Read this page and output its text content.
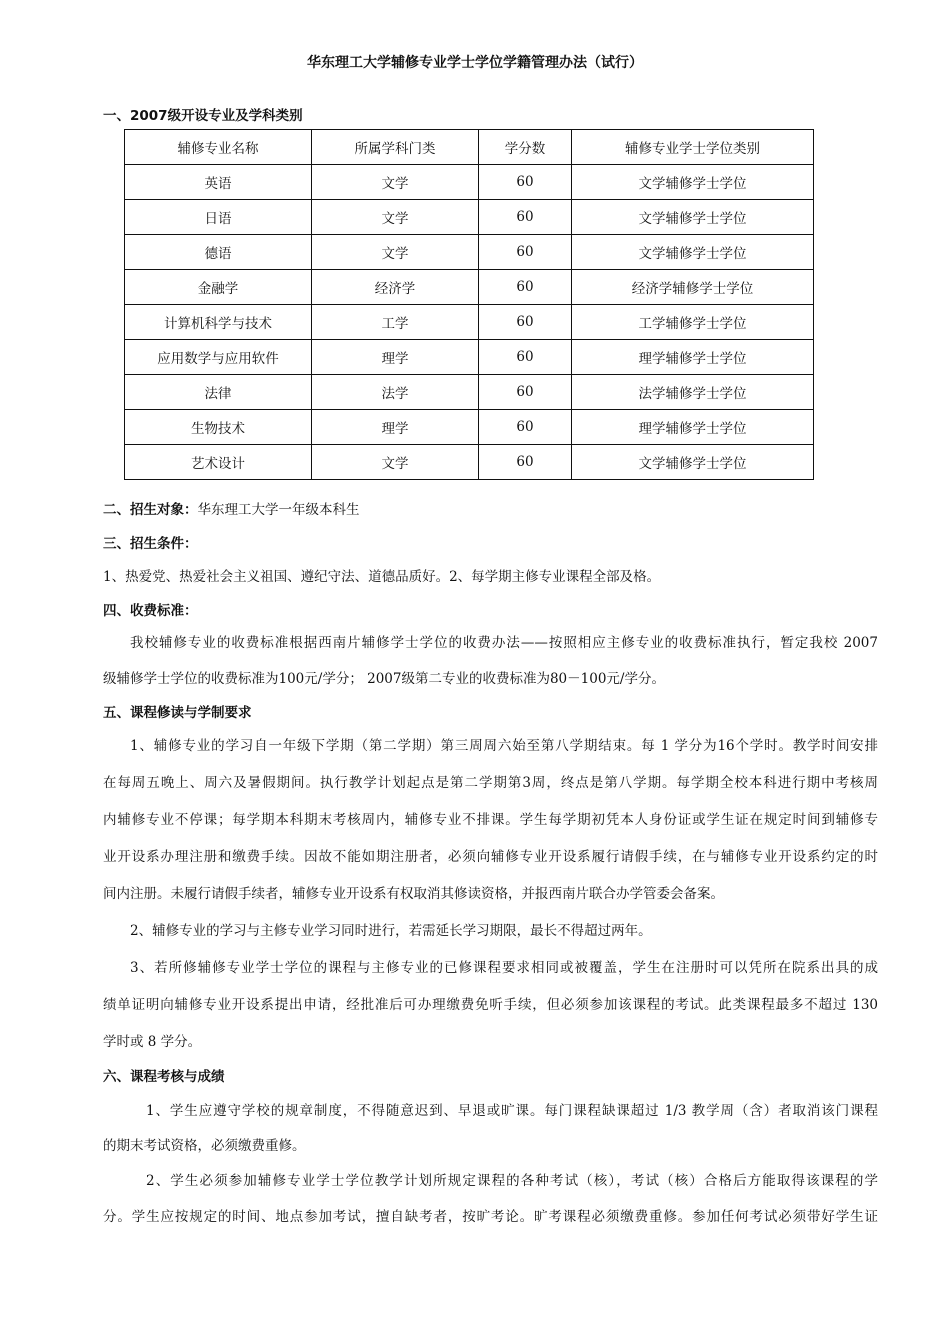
华东理工大学辅修专业学士学位学籍管理办法（试行）
一、2007级开设专业及学科类别
辅修专业名称	所属学科门类	学分数	辅修专业学士学位类别
英语	文学	60	文学辅修学士学位
日语	文学	60	文学辅修学士学位
德语	文学	60	文学辅修学士学位
金融学	经济学	60	经济学辅修学士学位
计算机科学与技术	工学	60	工学辅修学士学位
应用数学与应用软件	理学	60	理学辅修学士学位
法律	法学	60	法学辅修学士学位
生物技术	理学	60	理学辅修学士学位
艺术设计	文学	60	文学辅修学士学位
二、招生对象：华东理工大学一年级本科生
三、招生条件：
1、热爱党、热爱社会主义祖国、遵纪守法、道德品质好。2、每学期主修专业课程全部及格。
四、收费标准：
我校辅修专业的收费标准根据西南片辅修学士学位的收费办法——按照相应主修专业的收费标准执行，暂定我校 2007
级辅修学士学位的收费标准为100元/学分； 2007级第二专业的收费标准为80－100元/学分。
五、课程修读与学制要求
1、辅修专业的学习自一年级下学期（第二学期）第三周周六始至第八学期结束。每 1 学分为16个学时。教学时间安排
在每周五晚上、周六及暑假期间。执行教学计划起点是第二学期第3周，终点是第八学期。每学期全校本科进行期中考核周
内辅修专业不停课；每学期本科期末考核周内，辅修专业不排课。学生每学期初凭本人身份证或学生证在规定时间到辅修专
业开设系办理注册和缴费手续。因故不能如期注册者，必须向辅修专业开设系履行请假手续，在与辅修专业开设系约定的时
间内注册。未履行请假手续者，辅修专业开设系有权取消其修读资格，并报西南片联合办学管委会备案。
2、辅修专业的学习与主修专业学习同时进行，若需延长学习期限，最长不得超过两年。
3、若所修辅修专业学士学位的课程与主修专业的已修课程要求相同或被覆盖，学生在注册时可以凭所在院系出具的成
绩单证明向辅修专业开设系提出申请，经批准后可办理缴费免听手续，但必须参加该课程的考试。此类课程最多不超过 130
学时或 8 学分。
六、课程考核与成绩
1、学生应遵守学校的规章制度，不得随意迟到、早退或旷课。每门课程缺课超过 1/3 教学周（含）者取消该门课程
的期末考试资格，必须缴费重修。
2、学生必须参加辅修专业学士学位教学计划所规定课程的各种考试（核），考试（核）合格后方能取得该课程的学
分。学生应按规定的时间、地点参加考试，擅自缺考者，按旷考论。旷考课程必须缴费重修。参加任何考试必须带好学生证
